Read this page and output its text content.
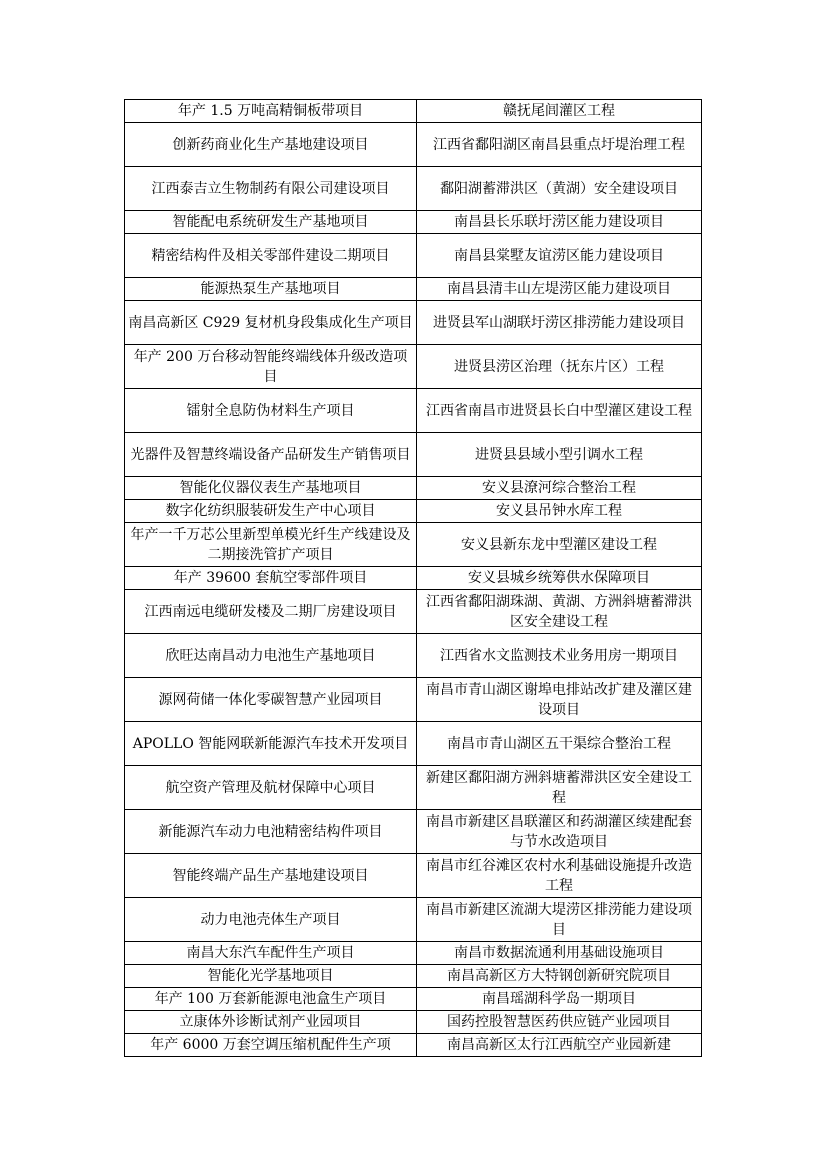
年产 1.5 万吨高精铜板带项目	赣抚尾闾灌区工程
创新药商业化生产基地建设项目	江西省鄱阳湖区南昌县重点圩堤治理工程
江西泰吉立生物制药有限公司建设项目	鄱阳湖蓄滞洪区（黄湖）安全建设项目
智能配电系统研发生产基地项目	南昌县长乐联圩涝区能力建设项目
精密结构件及相关零部件建设二期项目	南昌县棠墅友谊涝区能力建设项目
能源热泵生产基地项目	南昌县清丰山左堤涝区能力建设项目
南昌高新区 C929 复材机身段集成化生产项目	进贤县军山湖联圩涝区排涝能力建设项目
年产 200 万台移动智能终端线体升级改造项目	进贤县涝区治理（抚东片区）工程
镭射全息防伪材料生产项目	江西省南昌市进贤县长白中型灌区建设工程
光器件及智慧终端设备产品研发生产销售项目	进贤县县域小型引调水工程
智能化仪器仪表生产基地项目	安义县潦河综合整治工程
数字化纺织服装研发生产中心项目	安义县吊钟水库工程
年产一千万芯公里新型单模光纤生产线建设及二期接洗管扩产项目	安义县新东龙中型灌区建设工程
年产 39600 套航空零部件项目	安义县城乡统筹供水保障项目
江西南远电缆研发楼及二期厂房建设项目	江西省鄱阳湖珠湖、黄湖、方洲斜塘蓄滞洪区安全建设工程
欣旺达南昌动力电池生产基地项目	江西省水文监测技术业务用房一期项目
源网荷储一体化零碳智慧产业园项目	南昌市青山湖区谢埠电排站改扩建及灌区建设项目
APOLLO 智能网联新能源汽车技术开发项目	南昌市青山湖区五干渠综合整治工程
航空资产管理及航材保障中心项目	新建区鄱阳湖方洲斜塘蓄滞洪区安全建设工程
新能源汽车动力电池精密结构件项目	南昌市新建区昌联灌区和药湖灌区续建配套与节水改造项目
智能终端产品生产基地建设项目	南昌市红谷滩区农村水利基础设施提升改造工程
动力电池壳体生产项目	南昌市新建区流湖大堤涝区排涝能力建设项目
南昌大东汽车配件生产项目	南昌市数据流通利用基础设施项目
智能化光学基地项目	南昌高新区方大特钢创新研究院项目
年产 100 万套新能源电池盒生产项目	南昌瑶湖科学岛一期项目
立康体外诊断试剂产业园项目	国药控股智慧医药供应链产业园项目
年产 6000 万套空调压缩机配件生产项	南昌高新区太行江西航空产业园新建
